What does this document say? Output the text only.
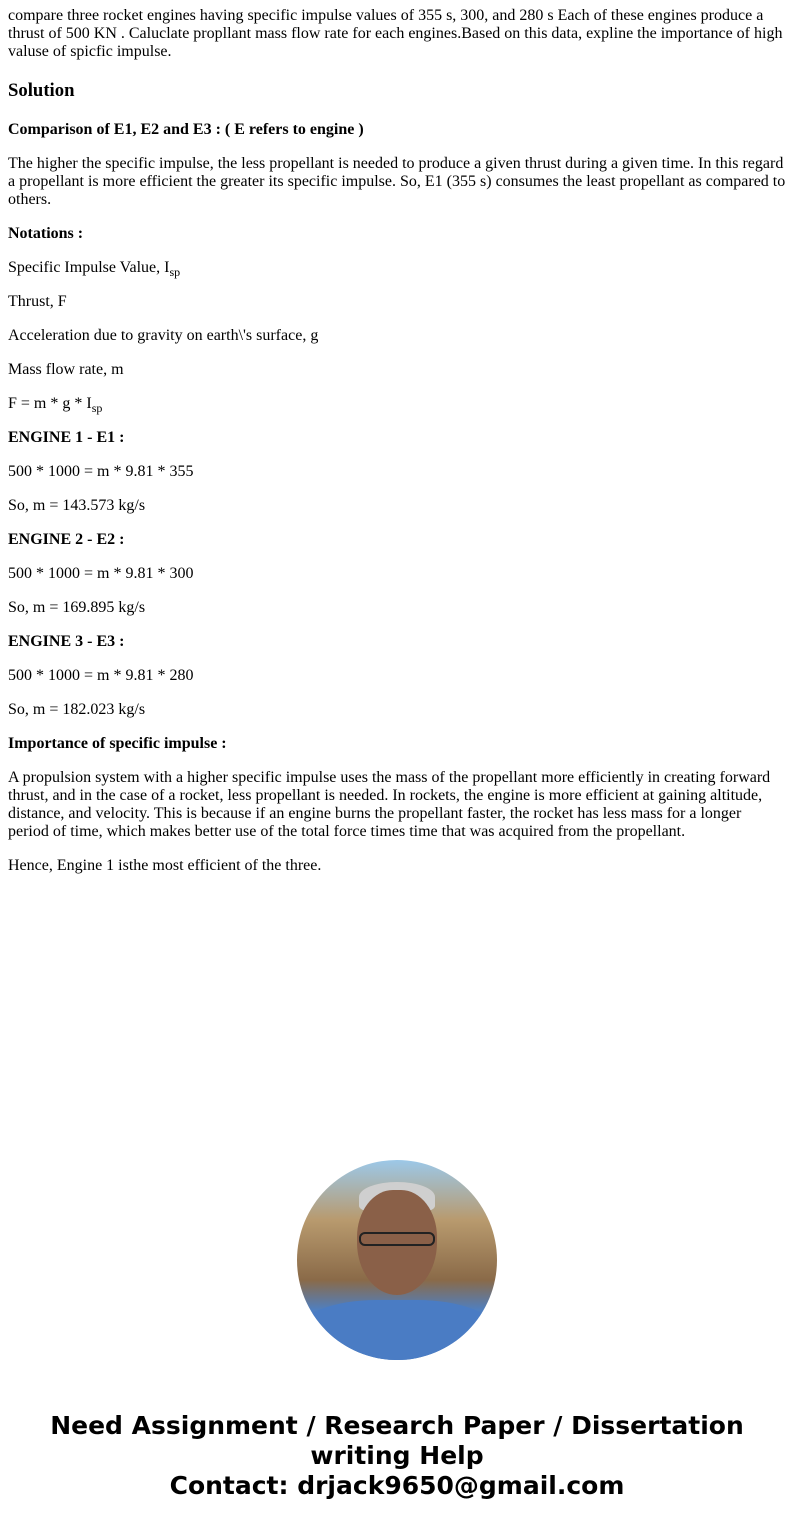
compare three rocket engines having specific impulse values of 355 s, 300, and 280 s Each of these engines produce a thrust of 500 KN . Caluclate propllant mass flow rate for each engines.Based on this data, expline the importance of high valuse of spicfic impulse.

Solution

Comparison of E1, E2 and E3 : ( E refers to engine )

The higher the specific impulse, the less propellant is needed to produce a given thrust during a given time. In this regard a propellant is more efficient the greater its specific impulse. So, E1 (355 s) consumes the least propellant as compared to others.

Notations :

Specific Impulse Value, $I_{sp}$

Thrust, F

Acceleration due to gravity on earth\'s surface, g

Mass flow rate, m

$F = m * g * I_{sp}$

ENGINE 1 - E1 :

500 * 1000 = m * 9.81 * 355

So, m = 143.573 kg/s

ENGINE 2 - E2 :

500 * 1000 = m * 9.81 * 300

So, m = 169.895 kg/s

ENGINE 3 - E3 :

500 * 1000 = m * 9.81 * 280

So, m = 182.023 kg/s

Importance of specific impulse :

A propulsion system with a higher specific impulse uses the mass of the propellant more efficiently in creating forward thrust, and in the case of a rocket, less propellant is needed. In rockets, the engine is more efficient at gaining altitude, distance, and velocity. This is because if an engine burns the propellant faster, the rocket has less mass for a longer period of time, which makes better use of the total force times time that was acquired from the propellant.

Hence, Engine 1 isthe most efficient of the three.

Need Assignment / Research Paper / Dissertation
writing Help
Contact: drjack9650@gmail.com
